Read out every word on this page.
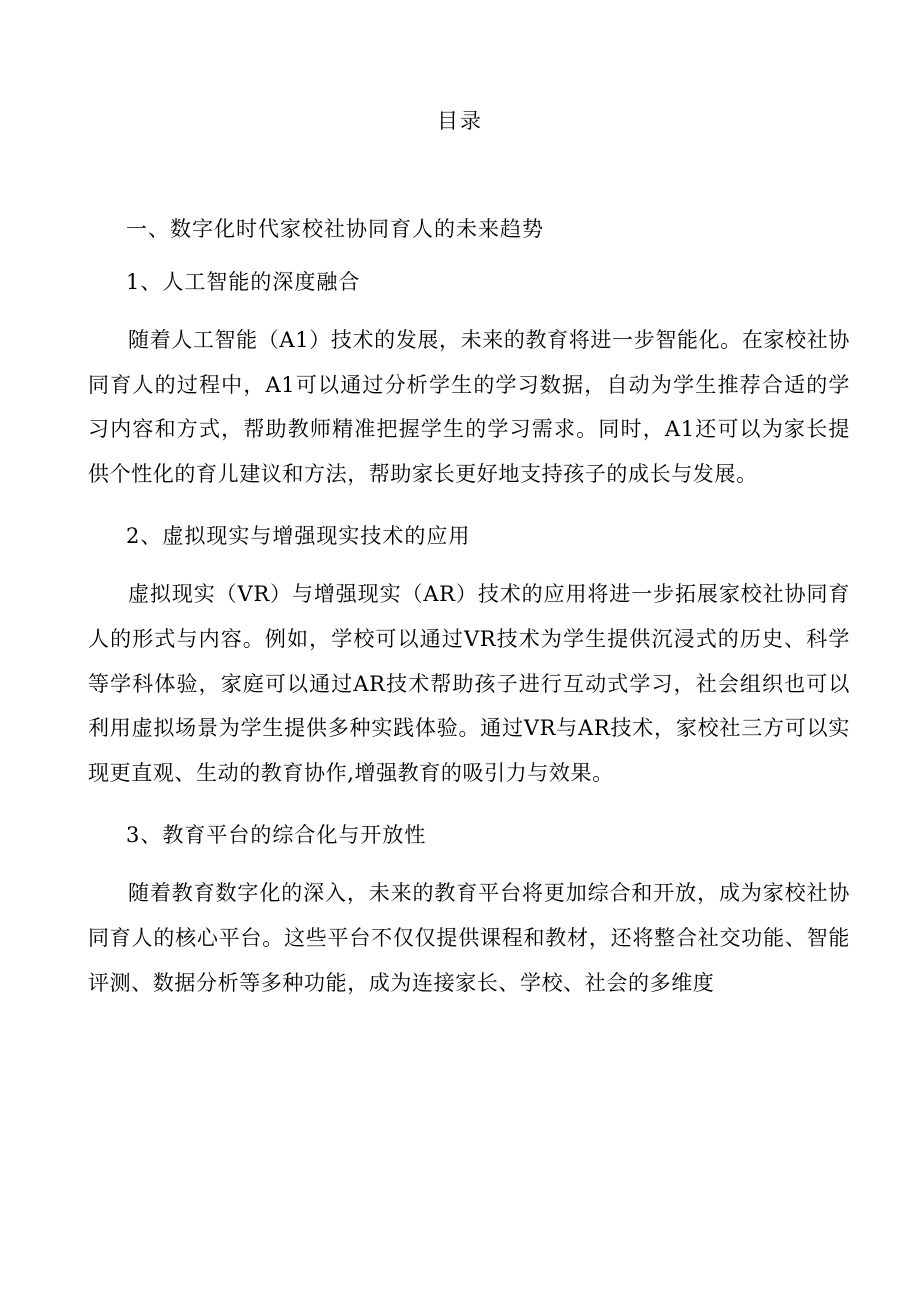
目录
一、数字化时代家校社协同育人的未来趋势
1、人工智能的深度融合

随着人工智能（A1）技术的发展，未来的教育将进一步智能化。在家校社协同育人的过程中，A1可以通过分析学生的学习数据，自动为学生推荐合适的学习内容和方式，帮助教师精准把握学生的学习需求。同时，A1还可以为家长提供个性化的育儿建议和方法，帮助家长更好地支持孩子的成长与发展。

2、虚拟现实与增强现实技术的应用

虚拟现实（VR）与增强现实（AR）技术的应用将进一步拓展家校社协同育人的形式与内容。例如，学校可以通过VR技术为学生提供沉浸式的历史、科学等学科体验，家庭可以通过AR技术帮助孩子进行互动式学习，社会组织也可以利用虚拟场景为学生提供多种实践体验。通过VR与AR技术，家校社三方可以实现更直观、生动的教育协作,增强教育的吸引力与效果。

3、教育平台的综合化与开放性

随着教育数字化的深入，未来的教育平台将更加综合和开放，成为家校社协同育人的核心平台。这些平台不仅仅提供课程和教材，还将整合社交功能、智能评测、数据分析等多种功能，成为连接家长、学校、社会的多维度
